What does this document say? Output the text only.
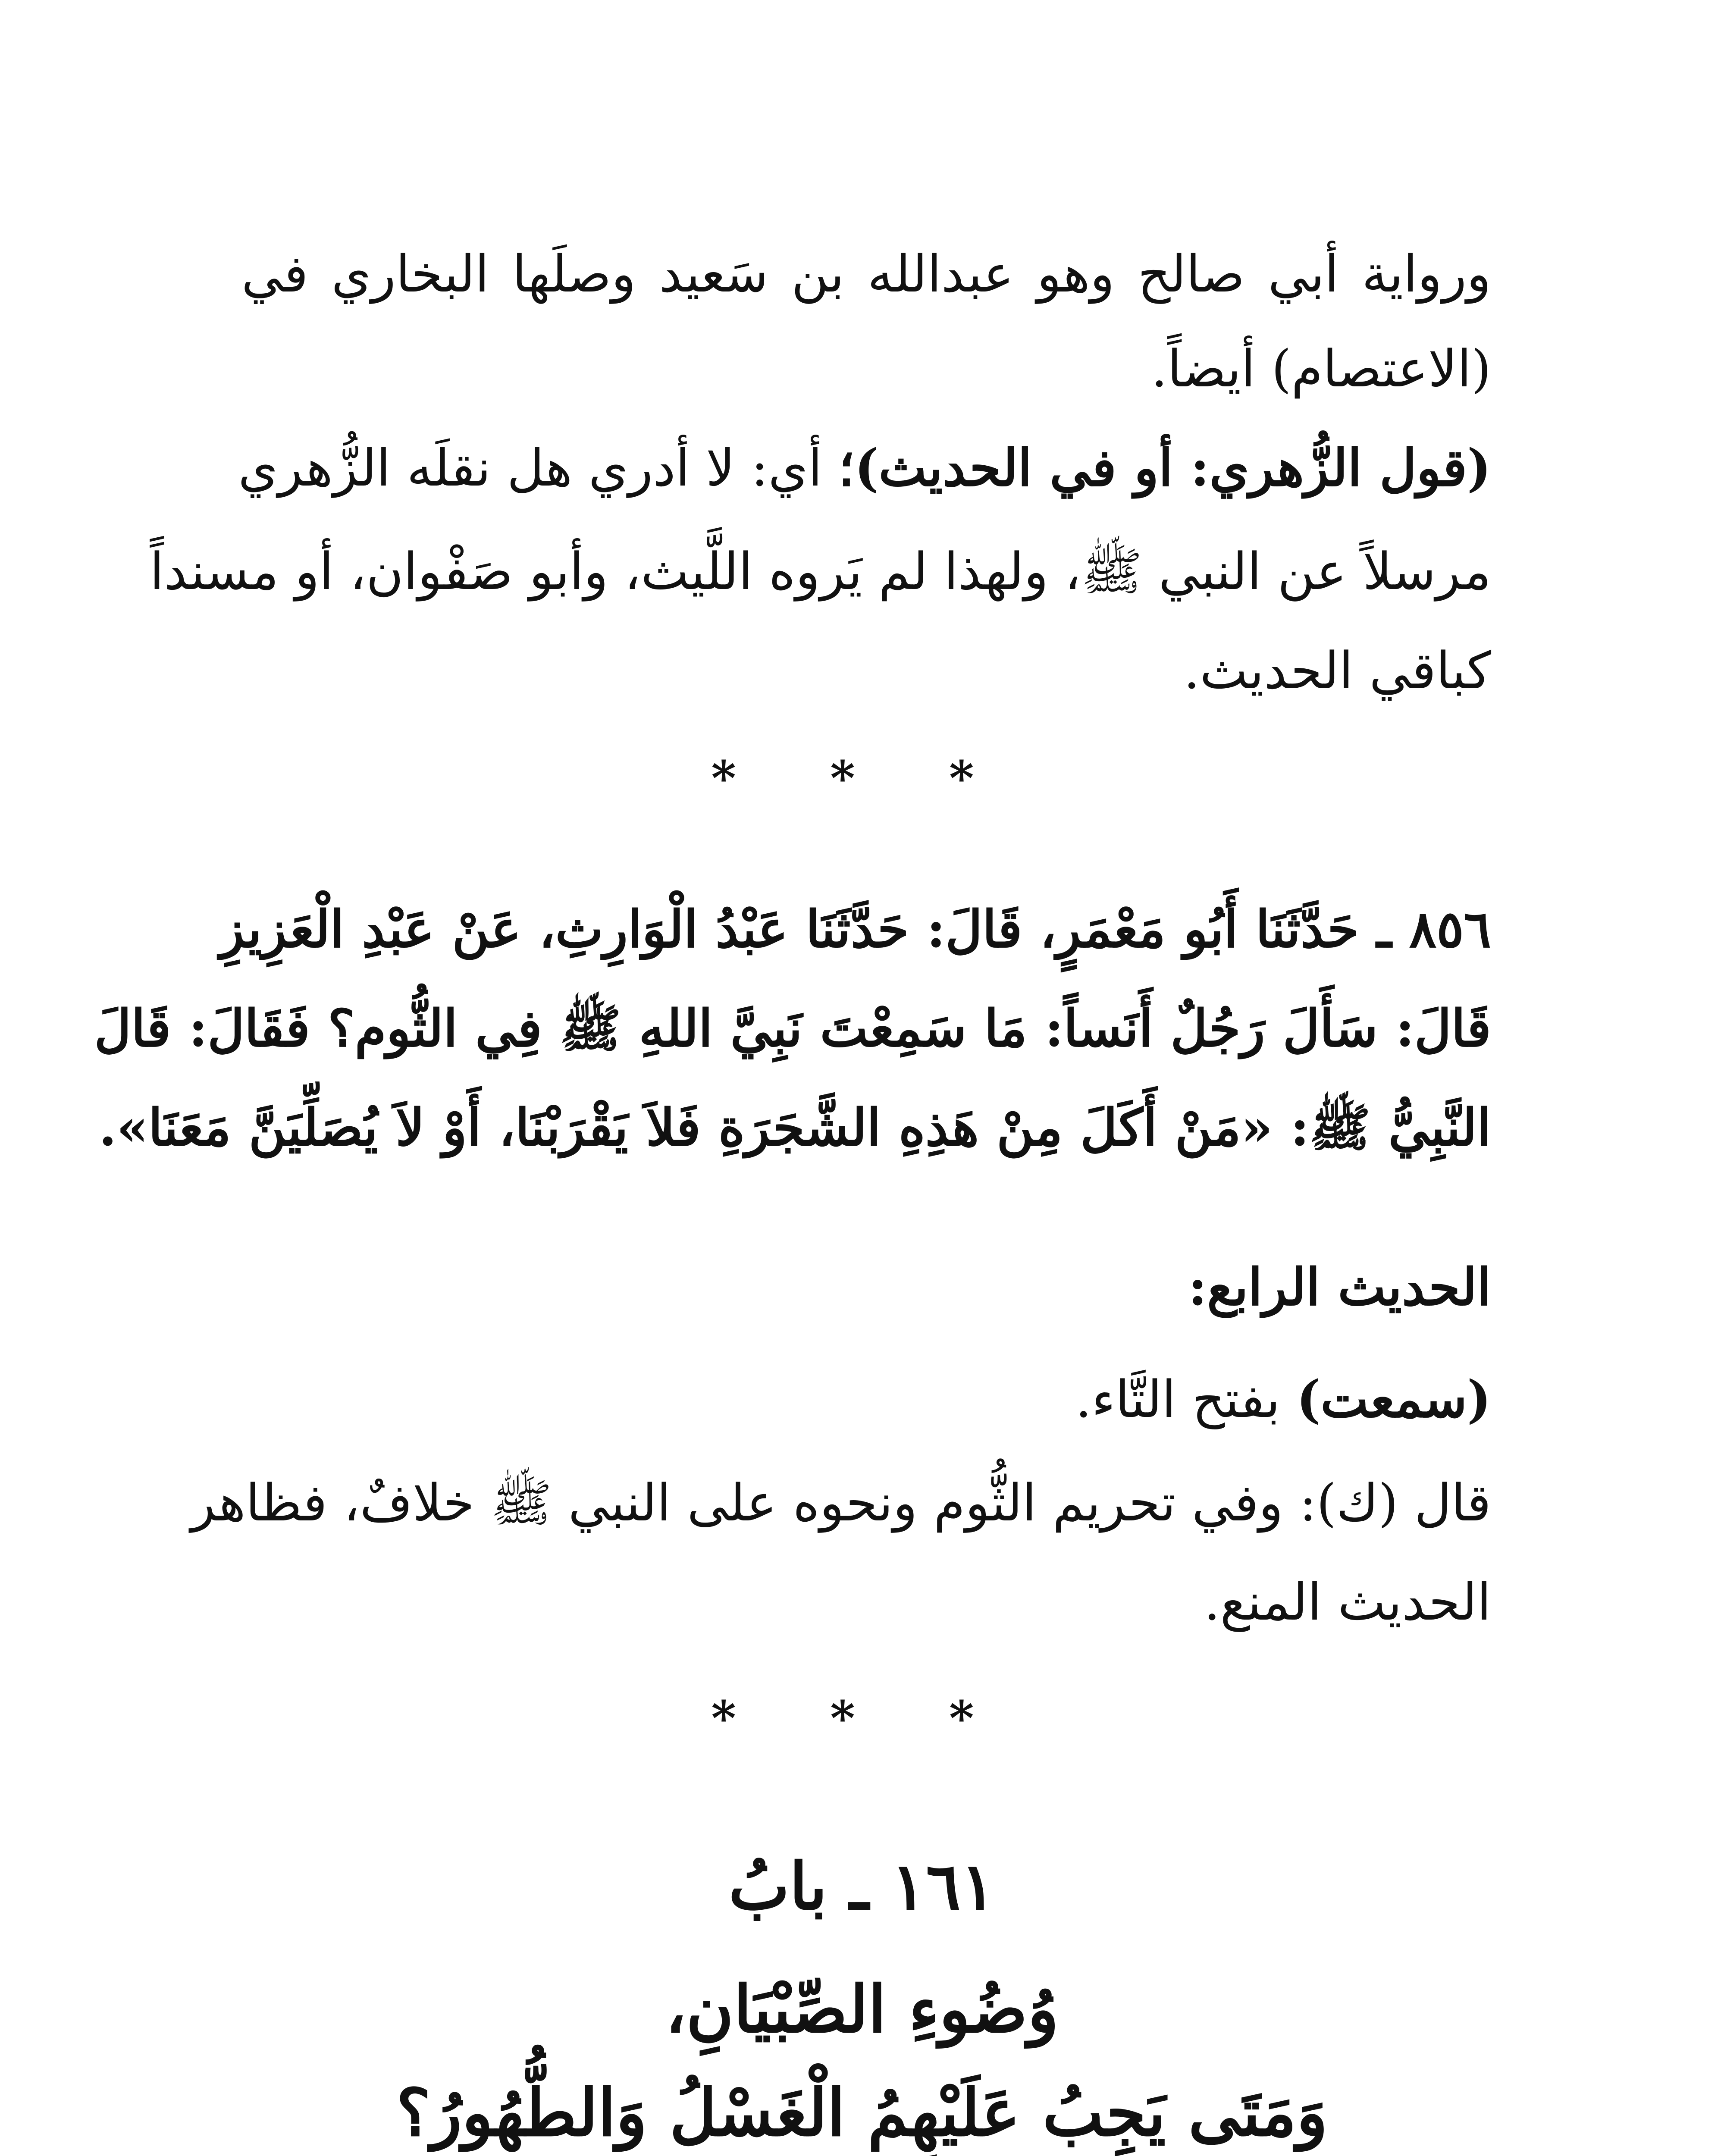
ورواية أبي صالح وهو عبدالله بن سَعيد وصلَها البخاري في
(الاعتصام) أيضاً.
(قول الزُّهري: أو في الحديث)؛ أي: لا أدري هل نقلَه الزُّهري
مرسلاً عن النبي ﷺ، ولهذا لم يَروه اللَّيث، وأبو صَفْوان، أو مسنداً
كباقي الحديث.
* * *
٨٥٦ ـ حَدَّثَنَا أَبُو مَعْمَرٍ، قَالَ: حَدَّثَنَا عَبْدُ الْوَارِثِ، عَنْ عَبْدِ الْعَزِيزِ
قَالَ: سَأَلَ رَجُلٌ أَنَساً: مَا سَمِعْتَ نَبِيَّ اللهِ ﷺ فِي الثُّوم؟ فَقَالَ: قَالَ
النَّبِيُّ ﷺ: «مَنْ أَكَلَ مِنْ هَذِهِ الشَّجَرَةِ فَلاَ يَقْرَبْنَا، أَوْ لاَ يُصَلِّيَنَّ مَعَنَا».
الحديث الرابع:
(سمعت) بفتح التَّاء.
قال (ك): وفي تحريم الثُّوم ونحوه على النبي ﷺ خلافٌ، فظاهر
الحديث المنع.
* * *
١٦١ ـ بابُ
وُضُوءِ الصِّبْيَانِ،
وَمَتَى يَجِبُ عَلَيْهِمُ الْغَسْلُ وَالطُّهُورُ؟
